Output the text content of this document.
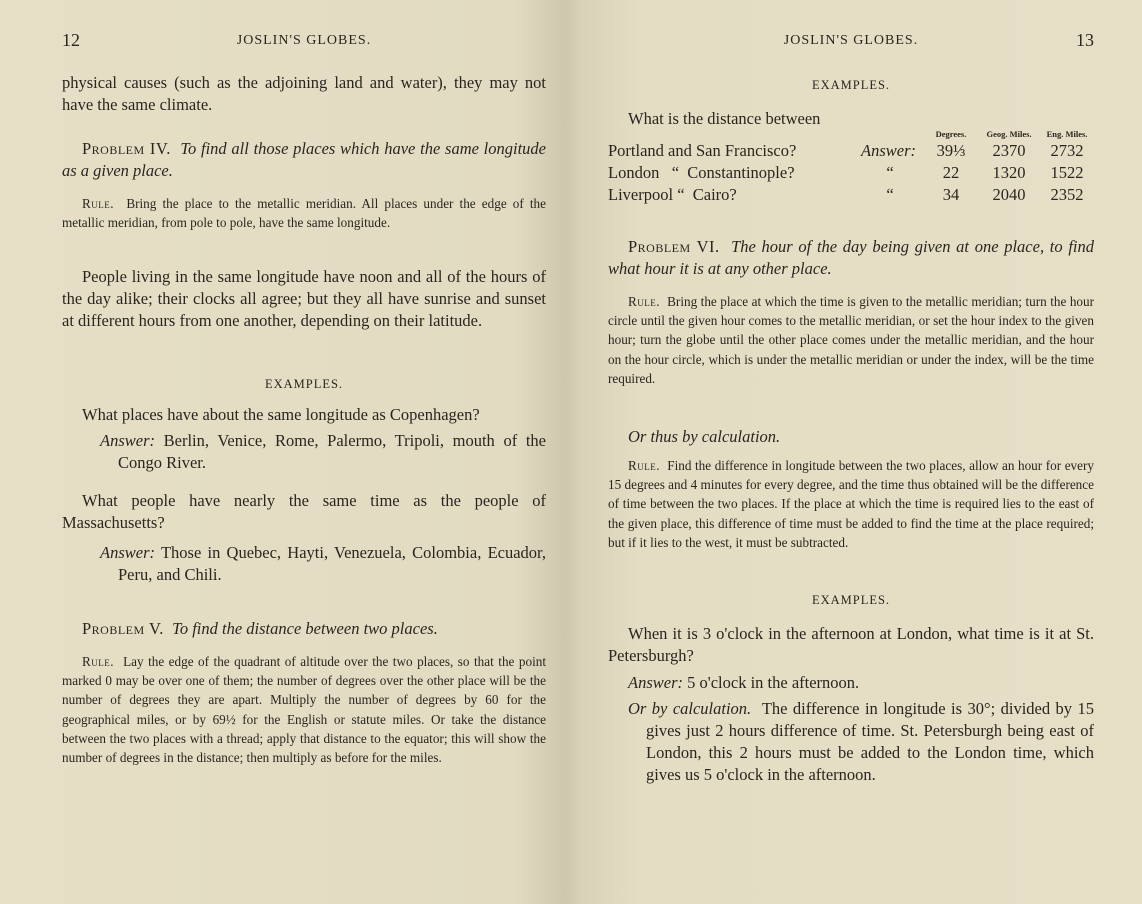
12	JOSLIN'S GLOBES.

physical causes (such as the adjoining land and water), they may not have the same climate.

Problem IV. To find all those places which have the same longitude as a given place.

Rule. Bring the place to the metallic meridian. All places under the edge of the metallic meridian, from pole to pole, have the same longitude.

People living in the same longitude have noon and all of the hours of the day alike; their clocks all agree; but they all have sunrise and sunset at different hours from one another, depending on their latitude.

EXAMPLES.

What places have about the same longitude as Copenhagen?

Answer: Berlin, Venice, Rome, Palermo, Tripoli, mouth of the Congo River.

What people have nearly the same time as the people of Massachusetts?

Answer: Those in Quebec, Hayti, Venezuela, Colombia, Ecuador, Peru, and Chili.

Problem V. To find the distance between two places.

Rule. Lay the edge of the quadrant of altitude over the two places, so that the point marked 0 may be over one of them; the number of degrees over the other place will be the number of degrees they are apart. Multiply the number of degrees by 60 for the geographical miles, or by 69½ for the English or statute miles. Or take the distance between the two places with a thread; apply that distance to the equator; this will show the number of degrees in the distance; then multiply as before for the miles.

JOSLIN'S GLOBES.	13

EXAMPLES.

What is the distance between

		Degrees.	Geog. Miles.	Eng. Miles.
Portland and San Francisco?	Answer:	39⅓	2370	2732
London   “  Constantinople?	“	22	1320	1522
Liverpool “  Cairo?	“	34	2040	2352

Problem VI. The hour of the day being given at one place, to find what hour it is at any other place.

Rule. Bring the place at which the time is given to the metallic meridian; turn the hour circle until the given hour comes to the metallic meridian, or set the hour index to the given hour; turn the globe until the other place comes under the metallic meridian, and the hour on the hour circle, which is under the metallic meridian or under the index, will be the time required.

Or thus by calculation.

Rule. Find the difference in longitude between the two places, allow an hour for every 15 degrees and 4 minutes for every degree, and the time thus obtained will be the difference of time between the two places. If the place at which the time is required lies to the east of the given place, this difference of time must be added to find the time at the place required; but if it lies to the west, it must be subtracted.

EXAMPLES.

When it is 3 o'clock in the afternoon at London, what time is it at St. Petersburgh?

Answer: 5 o'clock in the afternoon.

Or by calculation. The difference in longitude is 30°; divided by 15 gives just 2 hours difference of time. St. Petersburgh being east of London, this 2 hours must be added to the London time, which gives us 5 o'clock in the afternoon.
